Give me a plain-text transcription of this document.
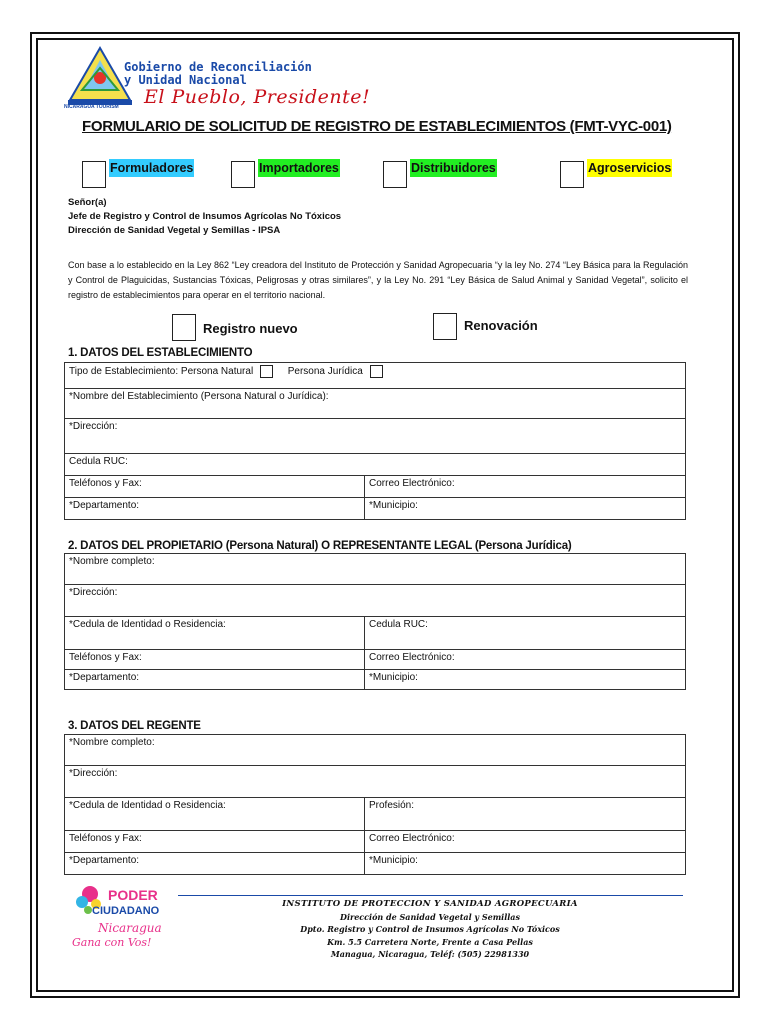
Gobierno de Reconciliación
y Unidad Nacional
El Pueblo, Presidente!
NICARAGUA TOURISM
FORMULARIO DE SOLICITUD DE REGISTRO DE ESTABLECIMIENTOS (FMT-VYC-001)
Formuladores	Importadores	Distribuidores	Agroservicios
Señor(a)
Jefe de Registro y Control de Insumos Agrícolas No Tóxicos
Dirección de Sanidad Vegetal y Semillas - IPSA
Con base a lo establecido en la Ley 862 “Ley creadora del Instituto de Protección y Sanidad Agropecuaria “y la ley No. 274 “Ley Básica para la Regulación y Control de Plaguicidas, Sustancias Tóxicas, Peligrosas y otras similares”, y la Ley No. 291 “Ley Básica de Salud Animal y Sanidad Vegetal”, solicito el registro de establecimientos para operar en el territorio nacional.
Registro nuevo	Renovación
1. DATOS DEL ESTABLECIMIENTO
Tipo de Establecimiento: Persona Natural Persona Jurídica	
*Nombre del Establecimiento (Persona Natural o Jurídica):	
*Dirección:	
Cedula RUC:	
Teléfonos y Fax:	Correo Electrónico:
*Departamento:	*Municipio:
2. DATOS DEL PROPIETARIO (Persona Natural) O REPRESENTANTE LEGAL (Persona Jurídica)
*Nombre completo:	
*Dirección:	
*Cedula de Identidad o Residencia:	Cedula RUC:
Teléfonos y Fax:	Correo Electrónico:
*Departamento:	*Municipio:
3. DATOS DEL REGENTE
*Nombre completo:	
*Dirección:	
*Cedula de Identidad o Residencia:	Profesión:
Teléfonos y Fax:	Correo Electrónico:
*Departamento:	*Municipio:
PODER
CIUDADANO
Nicaragua
Gana con Vos!
INSTITUTO DE PROTECCION Y SANIDAD AGROPECUARIA
Dirección de Sanidad Vegetal y Semillas
Dpto. Registro y Control de Insumos Agrícolas No Tóxicos
Km. 5.5 Carretera Norte, Frente a Casa Pellas
Managua, Nicaragua, Teléf: (505) 22981330
